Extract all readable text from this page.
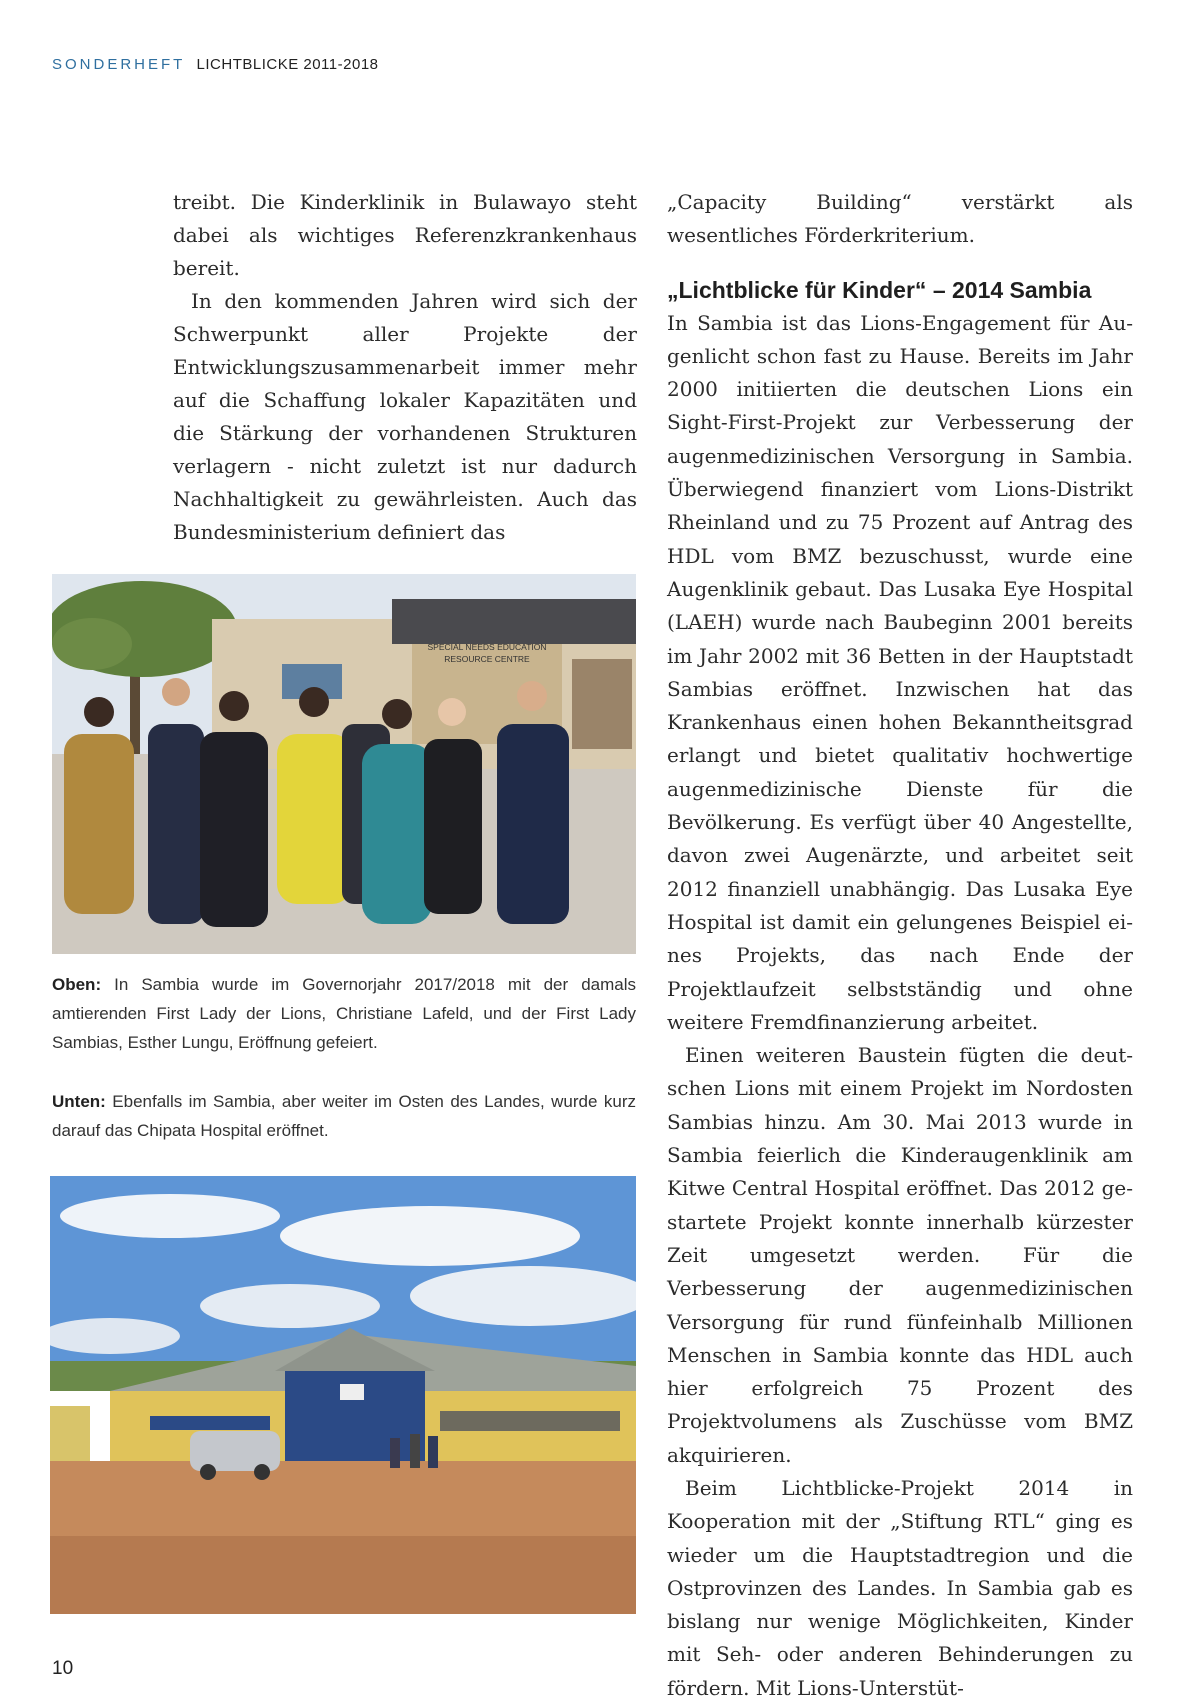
SONDERHEFT LICHTBLICKE 2011-2018

treibt. Die Kinderklinik in Bulawayo steht dabei als wichtiges Referenzkrankenhaus bereit.

In den kommenden Jahren wird sich der Schwerpunkt aller Projekte der Entwicklungszusammenarbeit immer mehr auf die Schaffung lokaler Kapazitäten und die Stärkung der vorhandenen Strukturen verlagern - nicht zuletzt ist nur dadurch Nachhaltigkeit zu gewährleisten. Auch das Bundesministerium definiert das

„Capacity Building“ verstärkt als wesentliches Förderkriterium.

„Lichtblicke für Kinder“ – 2014 Sambia

In Sambia ist das Lions-Engagement für Augenlicht schon fast zu Hause. Bereits im Jahr 2000 initiierten die deutschen Lions ein Sight-First-Projekt zur Verbesserung der augenmedizinischen Versorgung in Sambia. Überwiegend finanziert vom Lions-Distrikt Rheinland und zu 75 Prozent auf Antrag des HDL vom BMZ bezuschusst, wurde eine Augenklinik gebaut. Das Lusaka Eye Hospital (LAEH) wurde nach Baubeginn 2001 bereits im Jahr 2002 mit 36 Betten in der Hauptstadt Sambias eröffnet. Inzwischen hat das Krankenhaus einen hohen Bekanntheitsgrad erlangt und bietet qualitativ hochwertige augenmedizinische Dienste für die Bevölkerung. Es verfügt über 40 Angestellte, davon zwei Augenärzte, und arbeitet seit 2012 finanziell unabhängig. Das Lusaka Eye Hospital ist damit ein gelungenes Beispiel eines Projekts, das nach Ende der Projektlaufzeit selbstständig und ohne weitere Fremdfinanzierung arbeitet.

Einen weiteren Baustein fügten die deutschen Lions mit einem Projekt im Nordosten Sambias hinzu. Am 30. Mai 2013 wurde in Sambia feierlich die Kinderaugenklinik am Kitwe Central Hospital eröffnet. Das 2012 gestartete Projekt konnte innerhalb kürzester Zeit umgesetzt werden. Für die Verbesserung der augenmedizinischen Versorgung für rund fünfeinhalb Millionen Menschen in Sambia konnte das HDL auch hier erfolgreich 75 Prozent des Projektvolumens als Zuschüsse vom BMZ akquirieren.

Beim Lichtblicke-Projekt 2014 in Kooperation mit der „Stiftung RTL“ ging es wieder um die Hauptstadtregion und die Ostprovinzen des Landes. In Sambia gab es bislang nur wenige Möglichkeiten, Kinder mit Seh- oder anderen Behinderungen zu fördern. Mit Lions-Unterstüt-

SPECIAL NEEDS EDUCATION
RESOURCE CENTRE
Oben: In Sambia wurde im Governorjahr 2017/2018 mit der damals amtierenden First Lady der Lions, Christiane Lafeld, und der First Lady Sambias, Esther Lungu, Eröffnung gefeiert.
Unten: Ebenfalls im Sambia, aber weiter im Osten des Landes, wurde kurz darauf das Chipata Hospital eröffnet.
10
